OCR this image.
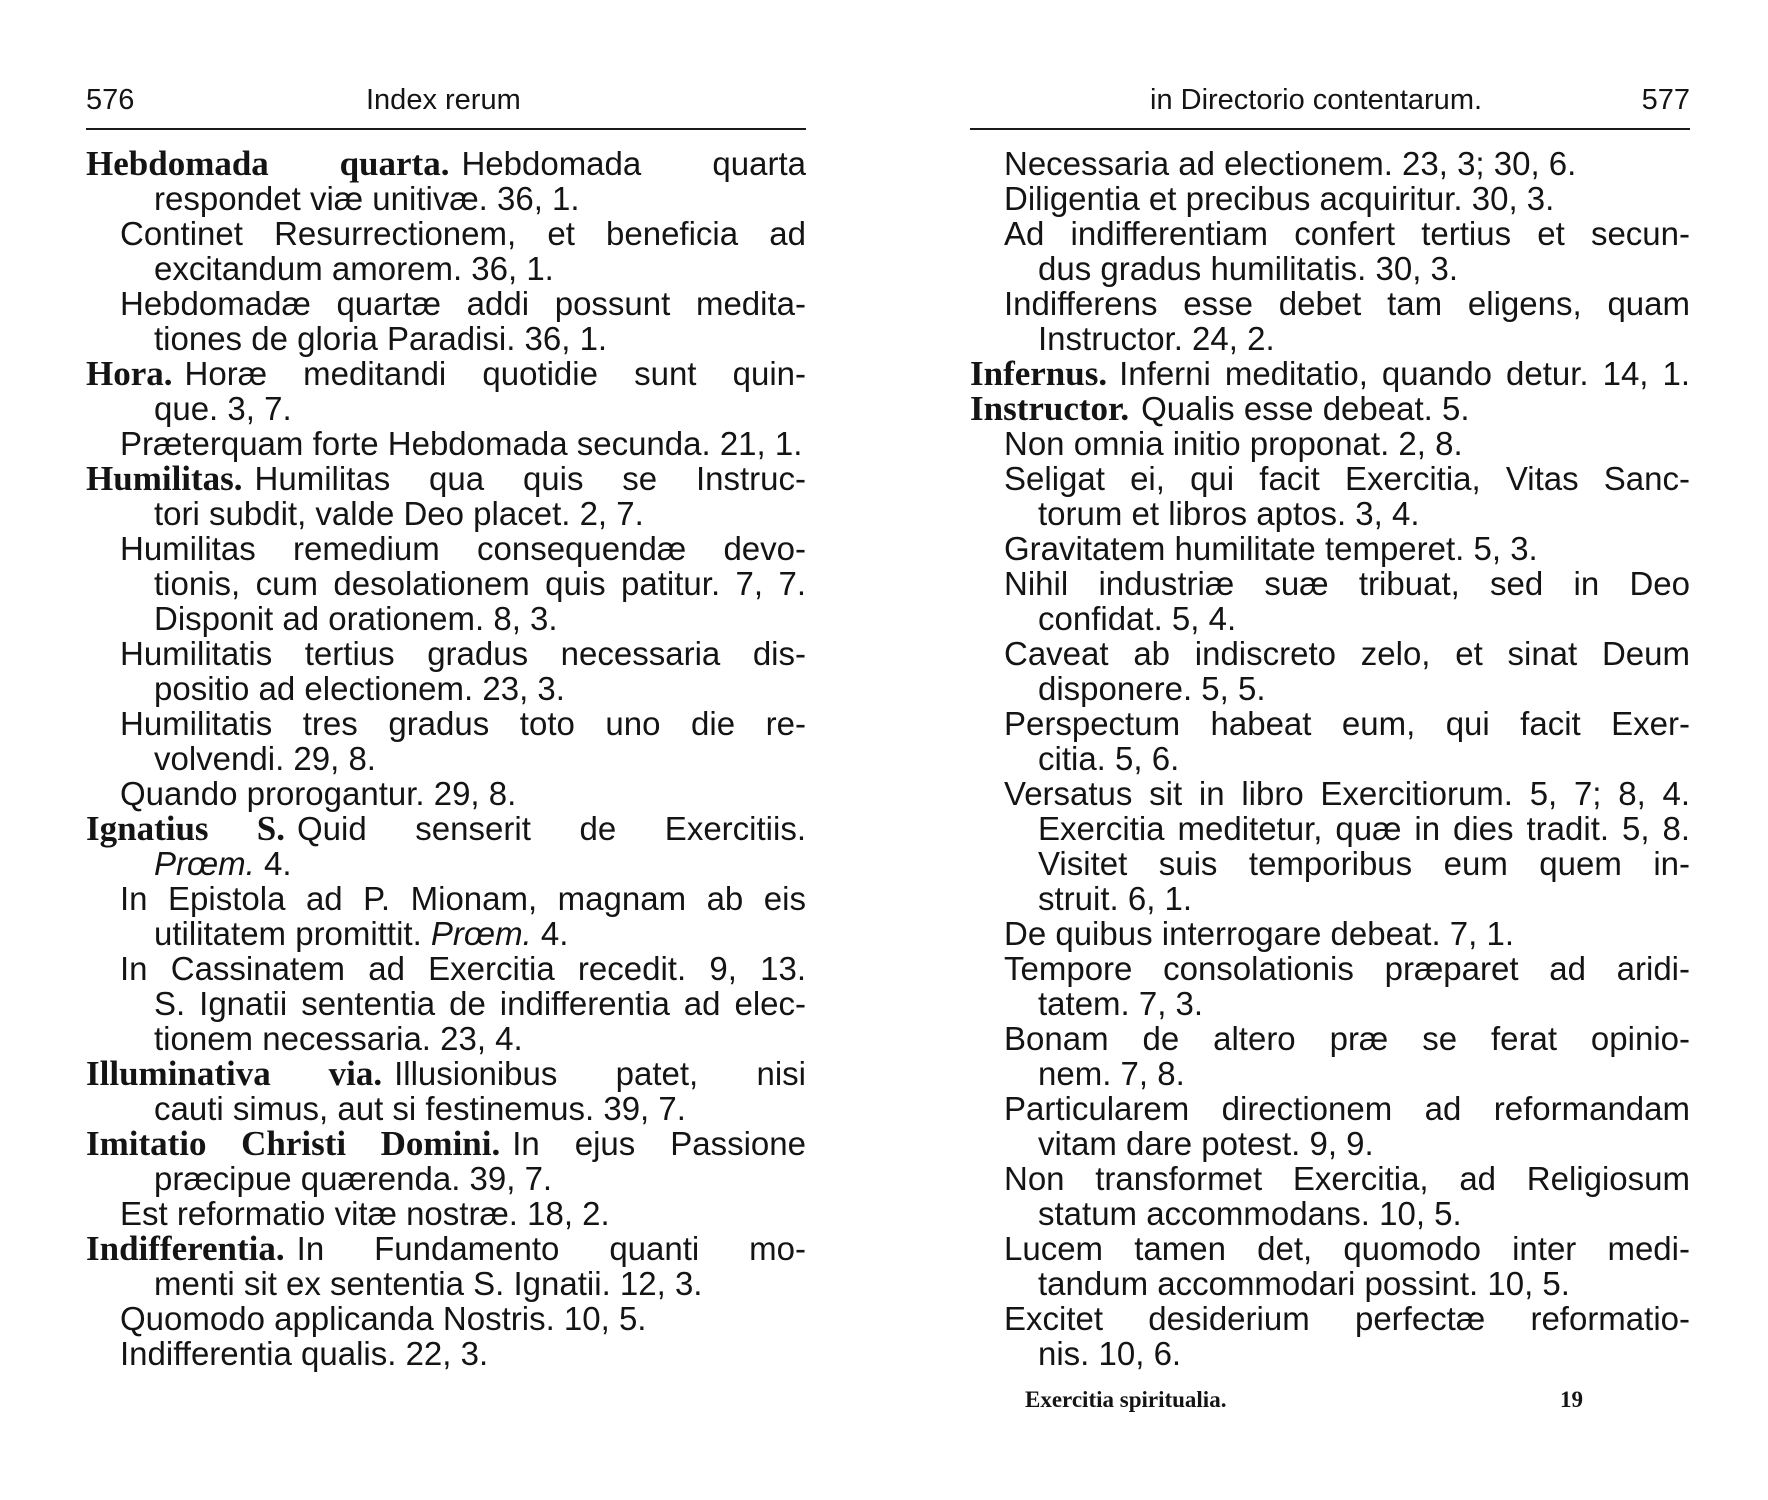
576	Index rerum
Hebdomada quarta. Hebdomada quarta
respondet viæ unitivæ. 36, 1.
Continet Resurrectionem, et beneficia ad
excitandum amorem. 36, 1.
Hebdomadæ quartæ addi possunt medita-
tiones de gloria Paradisi. 36, 1.
Hora. Horæ meditandi quotidie sunt quin-
que. 3, 7.
Præterquam forte Hebdomada secunda. 21, 1.
Humilitas. Humilitas qua quis se Instruc-
tori subdit, valde Deo placet. 2, 7.
Humilitas remedium consequendæ devo-
tionis, cum desolationem quis patitur. 7, 7.
Disponit ad orationem. 8, 3.
Humilitatis tertius gradus necessaria dis-
positio ad electionem. 23, 3.
Humilitatis tres gradus toto uno die re-
volvendi. 29, 8.
Quando prorogantur. 29, 8.
Ignatius S. Quid senserit de Exercitiis.
Prœm. 4.
In Epistola ad P. Mionam, magnam ab eis
utilitatem promittit. Prœm. 4.
In Cassinatem ad Exercitia recedit. 9, 13.
S. Ignatii sententia de indifferentia ad elec-
tionem necessaria. 23, 4.
Illuminativa via. Illusionibus patet, nisi
cauti simus, aut si festinemus. 39, 7.
Imitatio Christi Domini. In ejus Passione
præcipue quærenda. 39, 7.
Est reformatio vitæ nostræ. 18, 2.
Indifferentia. In Fundamento quanti mo-
menti sit ex sententia S. Ignatii. 12, 3.
Quomodo applicanda Nostris. 10, 5.
Indifferentia qualis. 22, 3.
in Directorio contentarum.	577
Necessaria ad electionem. 23, 3; 30, 6.
Diligentia et precibus acquiritur. 30, 3.
Ad indifferentiam confert tertius et secun-
dus gradus humilitatis. 30, 3.
Indifferens esse debet tam eligens, quam
Instructor. 24, 2.
Infernus. Inferni meditatio, quando detur. 14, 1.
Instructor. Qualis esse debeat. 5.
Non omnia initio proponat. 2, 8.
Seligat ei, qui facit Exercitia, Vitas Sanc-
torum et libros aptos. 3, 4.
Gravitatem humilitate temperet. 5, 3.
Nihil industriæ suæ tribuat, sed in Deo
confidat. 5, 4.
Caveat ab indiscreto zelo, et sinat Deum
disponere. 5, 5.
Perspectum habeat eum, qui facit Exer-
citia. 5, 6.
Versatus sit in libro Exercitiorum. 5, 7; 8, 4.
Exercitia meditetur, quæ in dies tradit. 5, 8.
Visitet suis temporibus eum quem in-
struit. 6, 1.
De quibus interrogare debeat. 7, 1.
Tempore consolationis præparet ad aridi-
tatem. 7, 3.
Bonam de altero præ se ferat opinio-
nem. 7, 8.
Particularem directionem ad reformandam
vitam dare potest. 9, 9.
Non transformet Exercitia, ad Religiosum
statum accommodans. 10, 5.
Lucem tamen det, quomodo inter medi-
tandum accommodari possint. 10, 5.
Excitet desiderium perfectæ reformatio-
nis. 10, 6.
Exercitia spiritualia.	19
